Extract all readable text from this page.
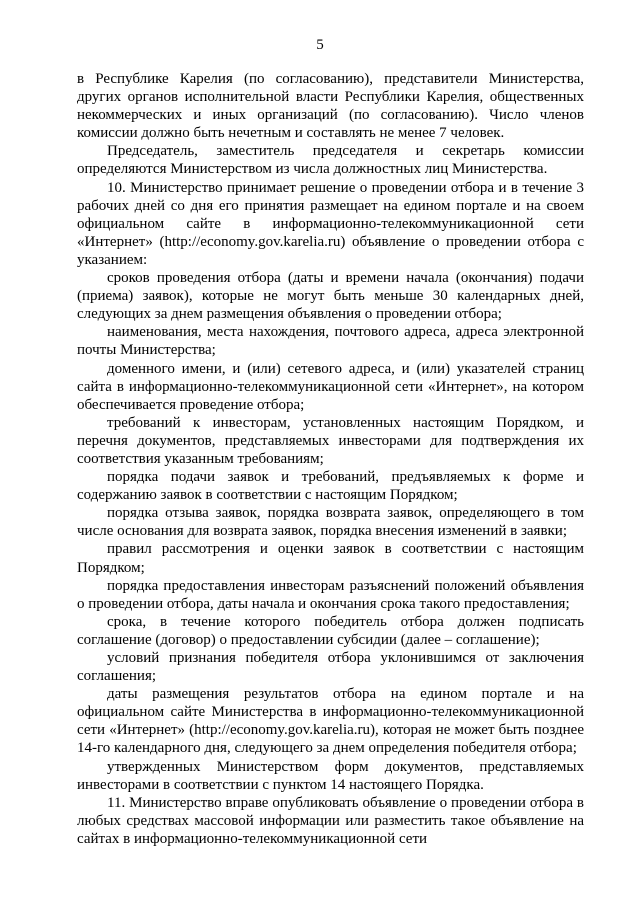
5

в Республике Карелия (по согласованию), представители Министерства, других органов исполнительной власти Республики Карелия, общественных некоммерческих и иных организаций (по согласованию). Число членов комиссии должно быть нечетным и составлять не менее 7 человек.

Председатель, заместитель председателя и секретарь комиссии определяются Министерством из числа должностных лиц Министерства.

10. Министерство принимает решение о проведении отбора и в течение 3 рабочих дней со дня его принятия размещает на едином портале и на своем официальном сайте в информационно-телекоммуникационной сети «Интернет» (http://economy.gov.karelia.ru) объявление о проведении отбора с указанием:

сроков проведения отбора (даты и времени начала (окончания) подачи (приема) заявок), которые не могут быть меньше 30 календарных дней, следующих за днем размещения объявления о проведении отбора;

наименования, места нахождения, почтового адреса, адреса электронной почты Министерства;

доменного имени, и (или) сетевого адреса, и (или) указателей страниц сайта в информационно-телекоммуникационной сети «Интернет», на котором обеспечивается проведение отбора;

требований к инвесторам, установленных настоящим Порядком, и перечня документов, представляемых инвесторами для подтверждения их соответствия указанным требованиям;

порядка подачи заявок и требований, предъявляемых к форме и содержанию заявок в соответствии с настоящим Порядком;

порядка отзыва заявок, порядка возврата заявок, определяющего в том числе основания для возврата заявок, порядка внесения изменений в заявки;

правил рассмотрения и оценки заявок в соответствии с настоящим Порядком;

порядка предоставления инвесторам разъяснений положений объявления о проведении отбора, даты начала и окончания срока такого предоставления;

срока, в течение которого победитель отбора должен подписать соглашение (договор) о предоставлении субсидии (далее – соглашение);

условий признания победителя отбора уклонившимся от заключения соглашения;

даты размещения результатов отбора на едином портале и на официальном сайте Министерства в информационно-телекоммуникационной сети «Интернет» (http://economy.gov.karelia.ru), которая не может быть позднее 14-го календарного дня, следующего за днем определения победителя отбора;

утвержденных Министерством форм документов, представляемых инвесторами в соответствии с пунктом 14 настоящего Порядка.

11. Министерство вправе опубликовать объявление о проведении отбора в любых средствах массовой информации или разместить такое объявление на сайтах в информационно-телекоммуникационной сети
